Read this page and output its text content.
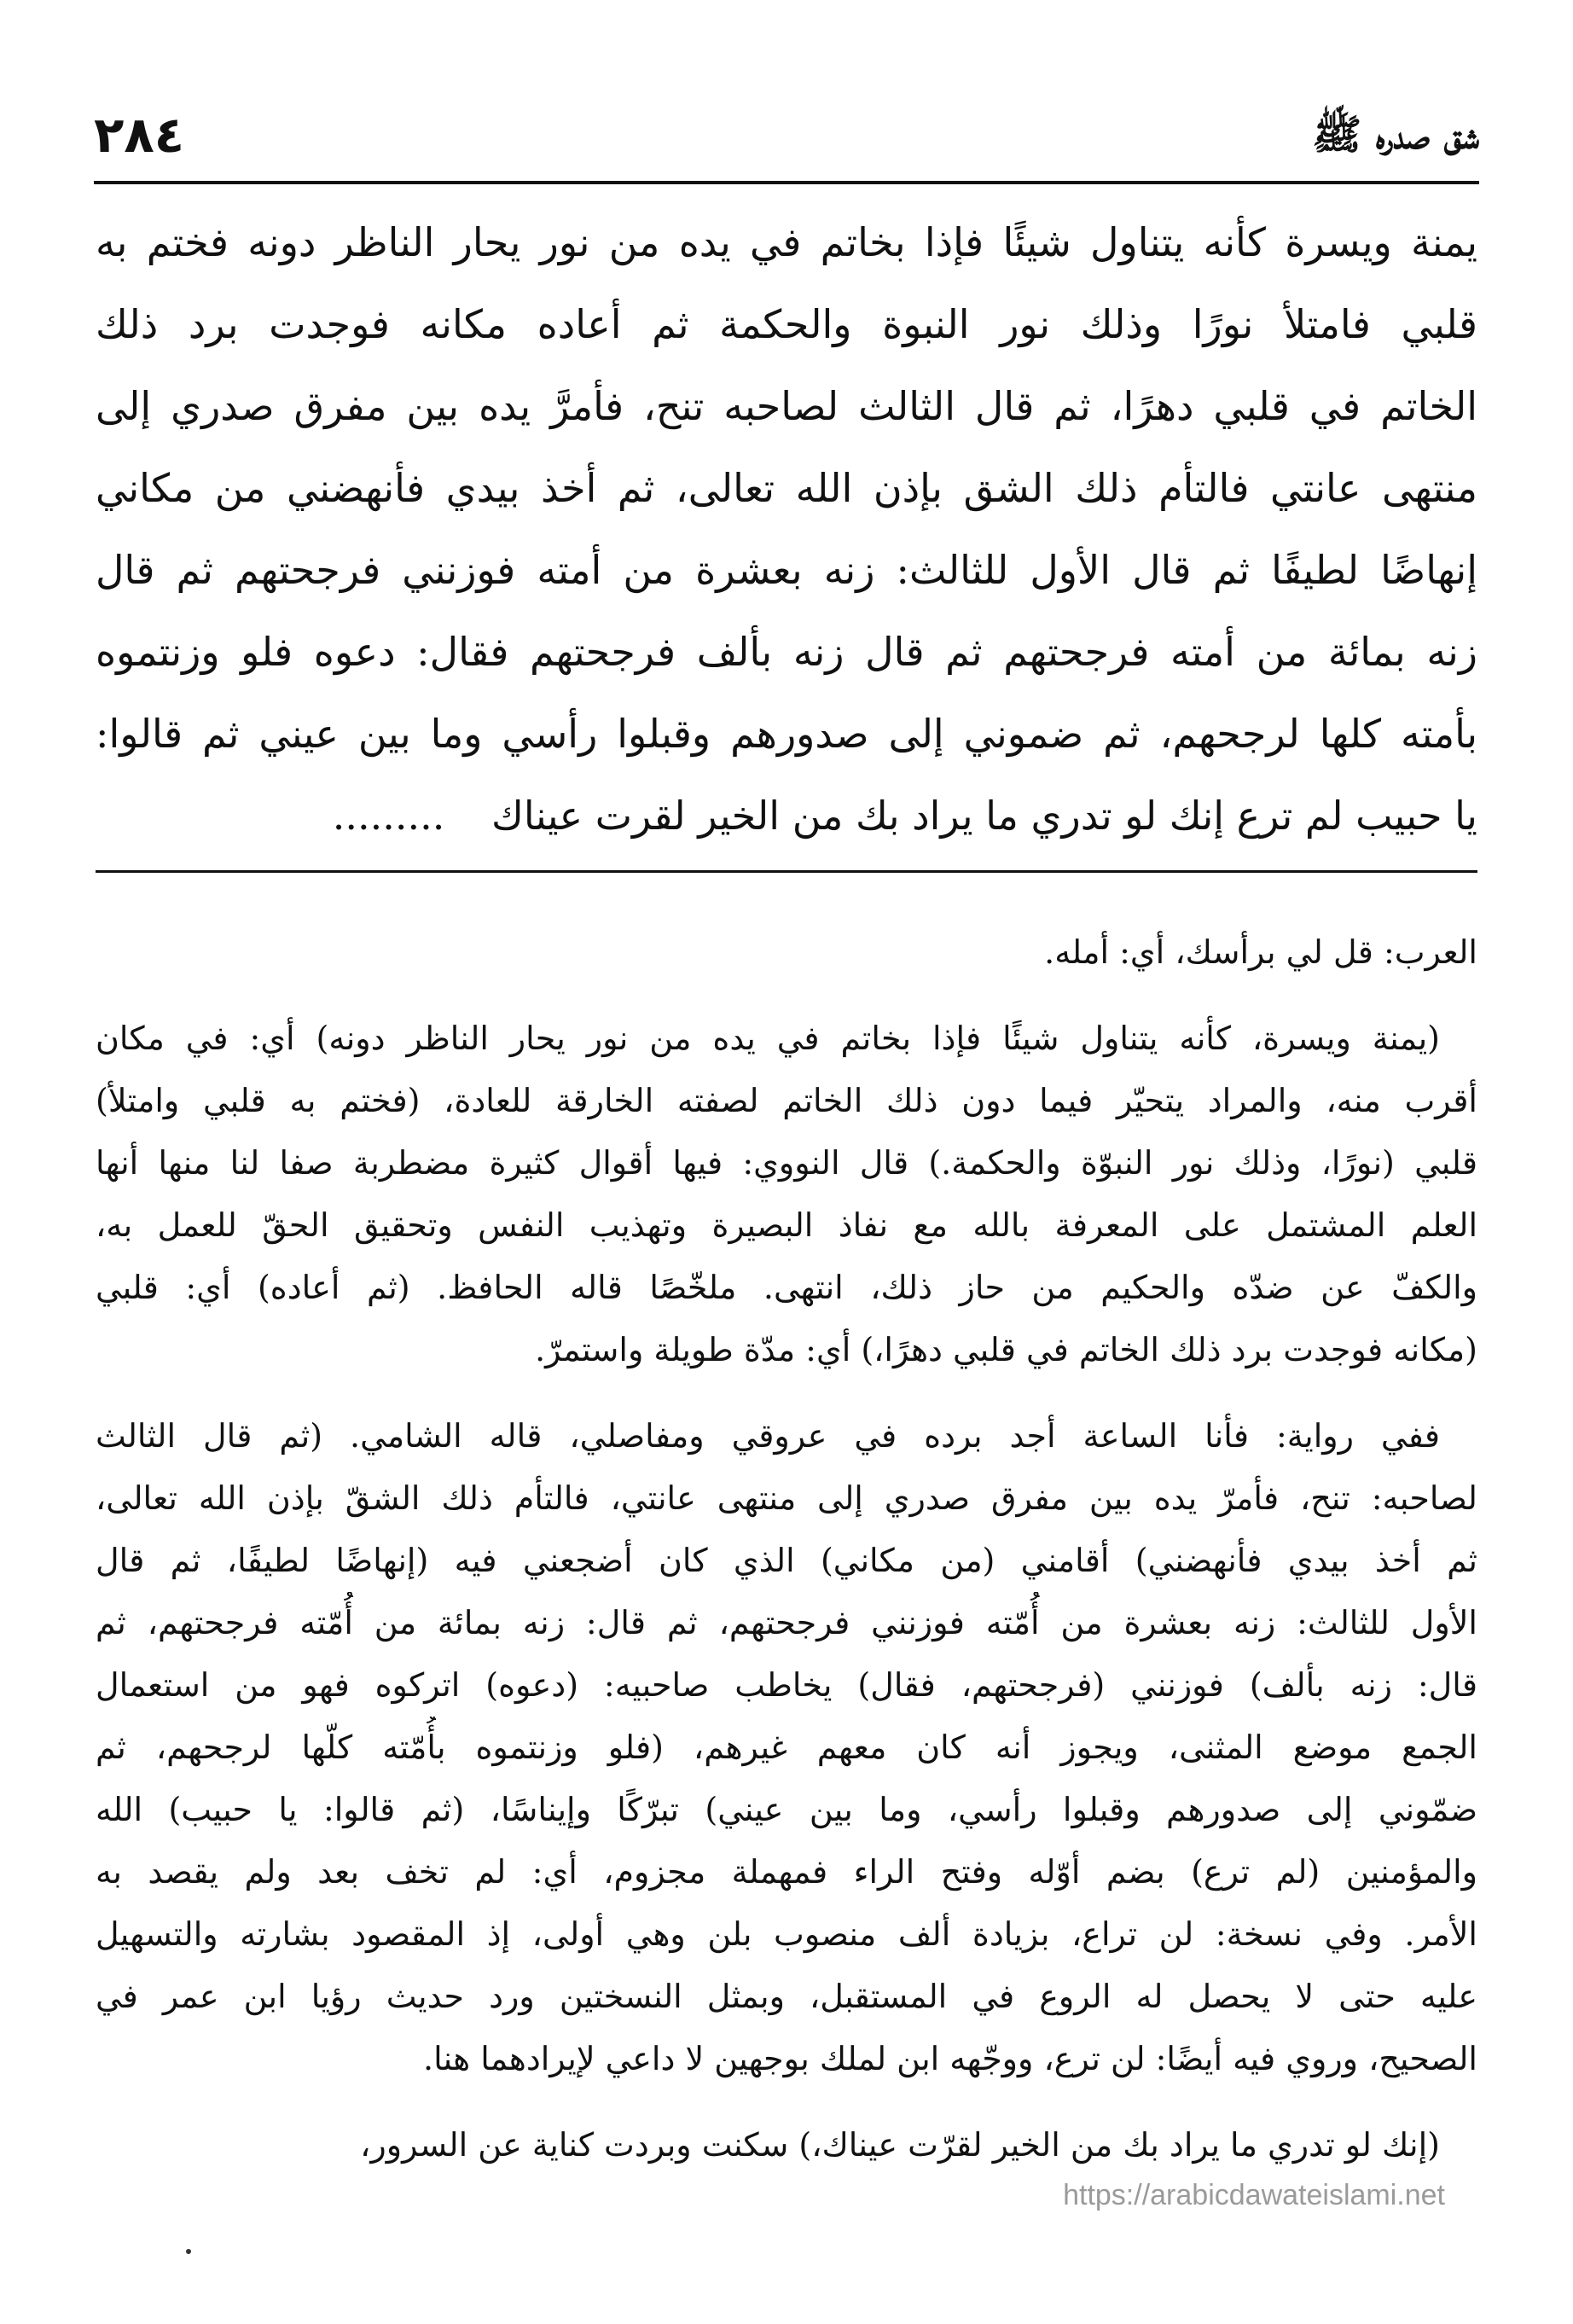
٢٨٤	شق صدره ﷺ
يمنة ويسرة كأنه يتناول شيئًا فإذا بخاتم في يده من نور يحار الناظر دونه فختم به
قلبي فامتلأ نورًا وذلك نور النبوة والحكمة ثم أعاده مكانه فوجدت برد ذلك
الخاتم في قلبي دهرًا، ثم قال الثالث لصاحبه تنح، فأمرَّ يده بين مفرق صدري إلى
منتهى عانتي فالتأم ذلك الشق بإذن الله تعالى، ثم أخذ بيدي فأنهضني من مكاني
إنهاضًا لطيفًا ثم قال الأول للثالث: زنه بعشرة من أمته فوزنني فرجحتهم ثم قال
زنه بمائة من أمته فرجحتهم ثم قال زنه بألف فرجحتهم فقال: دعوه فلو وزنتموه
بأمته كلها لرجحهم، ثم ضموني إلى صدورهم وقبلوا رأسي وما بين عيني ثم قالوا:
يا حبيب لم ترع إنك لو تدري ما يراد بك من الخير لقرت عيناك .........
العرب: قل لي برأسك، أي: أمله.
(يمنة ويسرة، كأنه يتناول شيئًا فإذا بخاتم في يده من نور يحار الناظر دونه) أي: في مكان
أقرب منه، والمراد يتحيّر فيما دون ذلك الخاتم لصفته الخارقة للعادة، (فختم به قلبي وامتلأ)
قلبي (نورًا، وذلك نور النبوّة والحكمة.) قال النووي: فيها أقوال كثيرة مضطربة صفا لنا منها أنها
العلم المشتمل على المعرفة بالله مع نفاذ البصيرة وتهذيب النفس وتحقيق الحقّ للعمل به،
والكفّ عن ضدّه والحكيم من حاز ذلك، انتهى. ملخّصًا قاله الحافظ. (ثم أعاده) أي: قلبي
(مكانه فوجدت برد ذلك الخاتم في قلبي دهرًا،) أي: مدّة طويلة واستمرّ.
ففي رواية: فأنا الساعة أجد برده في عروقي ومفاصلي، قاله الشامي. (ثم قال الثالث
لصاحبه: تنح، فأمرّ يده بين مفرق صدري إلى منتهى عانتي، فالتأم ذلك الشقّ بإذن الله تعالى،
ثم أخذ بيدي فأنهضني) أقامني (من مكاني) الذي كان أضجعني فيه (إنهاضًا لطيفًا، ثم قال
الأول للثالث: زنه بعشرة من أُمّته فوزنني فرجحتهم، ثم قال: زنه بمائة من أُمّته فرجحتهم، ثم
قال: زنه بألف) فوزنني (فرجحتهم، فقال) يخاطب صاحبيه: (دعوه) اتركوه فهو من استعمال
الجمع موضع المثنى، ويجوز أنه كان معهم غيرهم، (فلو وزنتموه بأُمّته كلّها لرجحهم، ثم
ضمّوني إلى صدورهم وقبلوا رأسي، وما بين عيني) تبرّكًا وإيناسًا، (ثم قالوا: يا حبيب) الله
والمؤمنين (لم ترع) بضم أوّله وفتح الراء فمهملة مجزوم، أي: لم تخف بعد ولم يقصد به
الأمر. وفي نسخة: لن تراع، بزيادة ألف منصوب بلن وهي أولى، إذ المقصود بشارته والتسهيل
عليه حتى لا يحصل له الروع في المستقبل، وبمثل النسختين ورد حديث رؤيا ابن عمر في
الصحيح، وروي فيه أيضًا: لن ترع، ووجّهه ابن لملك بوجهين لا داعي لإيرادهما هنا.
(إنك لو تدري ما يراد بك من الخير لقرّت عيناك،) سكنت وبردت كناية عن السرور،
https://arabicdawateislami.net
